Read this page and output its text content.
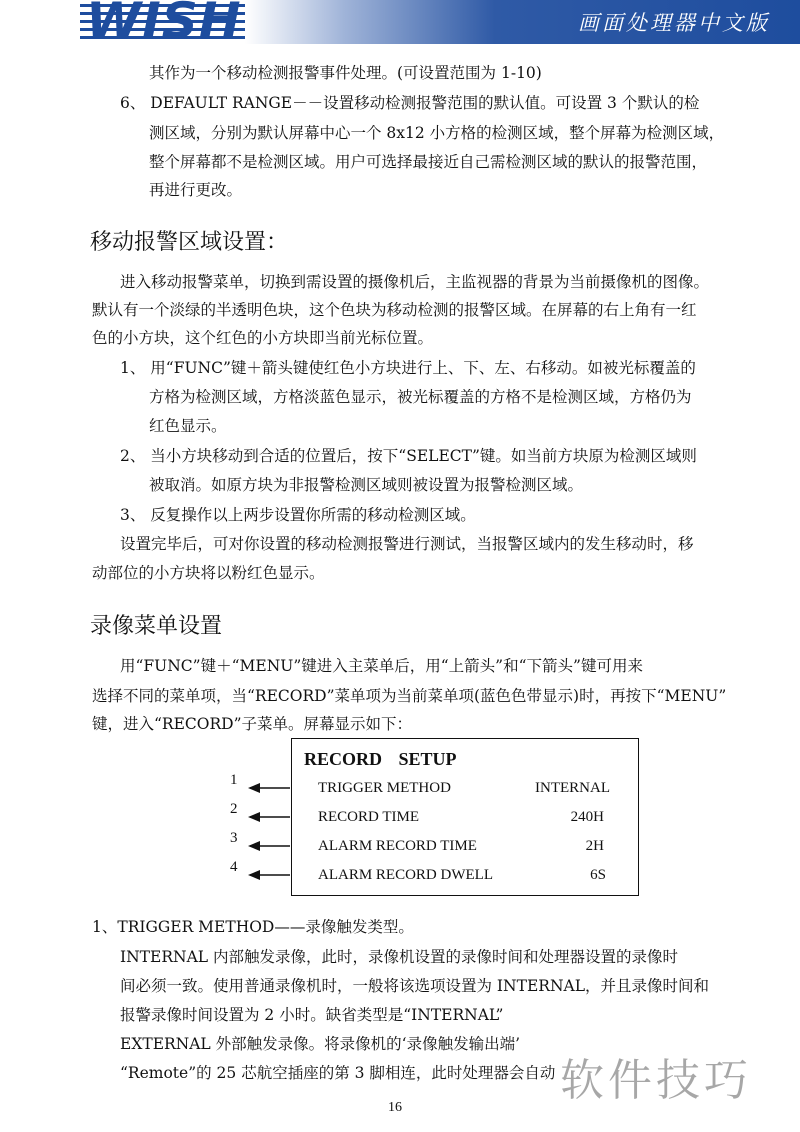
WISH	画面处理器中文版
其作为一个移动检测报警事件处理。(可设置范围为 1-10)
6、 DEFAULT RANGE－－设置移动检测报警范围的默认值。可设置 3 个默认的检
测区域，分别为默认屏幕中心一个 8x12 小方格的检测区域，整个屏幕为检测区域，
整个屏幕都不是检测区域。用户可选择最接近自己需检测区域的默认的报警范围，
再进行更改。
移动报警区域设置：
进入移动报警菜单，切换到需设置的摄像机后，主监视器的背景为当前摄像机的图像。
默认有一个淡绿的半透明色块，这个色块为移动检测的报警区域。在屏幕的右上角有一红
色的小方块，这个红色的小方块即当前光标位置。
1、 用“FUNC”键＋箭头键使红色小方块进行上、下、左、右移动。如被光标覆盖的
方格为检测区域，方格淡蓝色显示，被光标覆盖的方格不是检测区域，方格仍为
红色显示。
2、 当小方块移动到合适的位置后，按下“SELECT”键。如当前方块原为检测区域则
被取消。如原方块为非报警检测区域则被设置为报警检测区域。
3、 反复操作以上两步设置你所需的移动检测区域。
设置完毕后，可对你设置的移动检测报警进行测试，当报警区域内的发生移动时，移
动部位的小方块将以粉红色显示。
录像菜单设置
用“FUNC”键＋“MENU”键进入主菜单后，用“上箭头”和“下箭头”键可用来
选择不同的菜单项，当“RECORD”菜单项为当前菜单项(蓝色色带显示)时，再按下“MENU”
键，进入“RECORD”子菜单。屏幕显示如下：
1
2
3
4
RECORD SETUP
TRIGGER METHOD	INTERNAL
RECORD TIME	240H
ALARM RECORD TIME	2H
ALARM RECORD DWELL	6S
1、TRIGGER METHOD——录像触发类型。
INTERNAL 内部触发录像，此时，录像机设置的录像时间和处理器设置的录像时
间必须一致。使用普通录像机时，一般将该选项设置为 INTERNAL，并且录像时间和
报警录像时间设置为 2 小时。缺省类型是“INTERNAL”
EXTERNAL 外部触发录像。将录像机的‘录像触发输出端’
“Remote”的 25 芯航空插座的第 3 脚相连，此时处理器会自动 软件技巧
16
